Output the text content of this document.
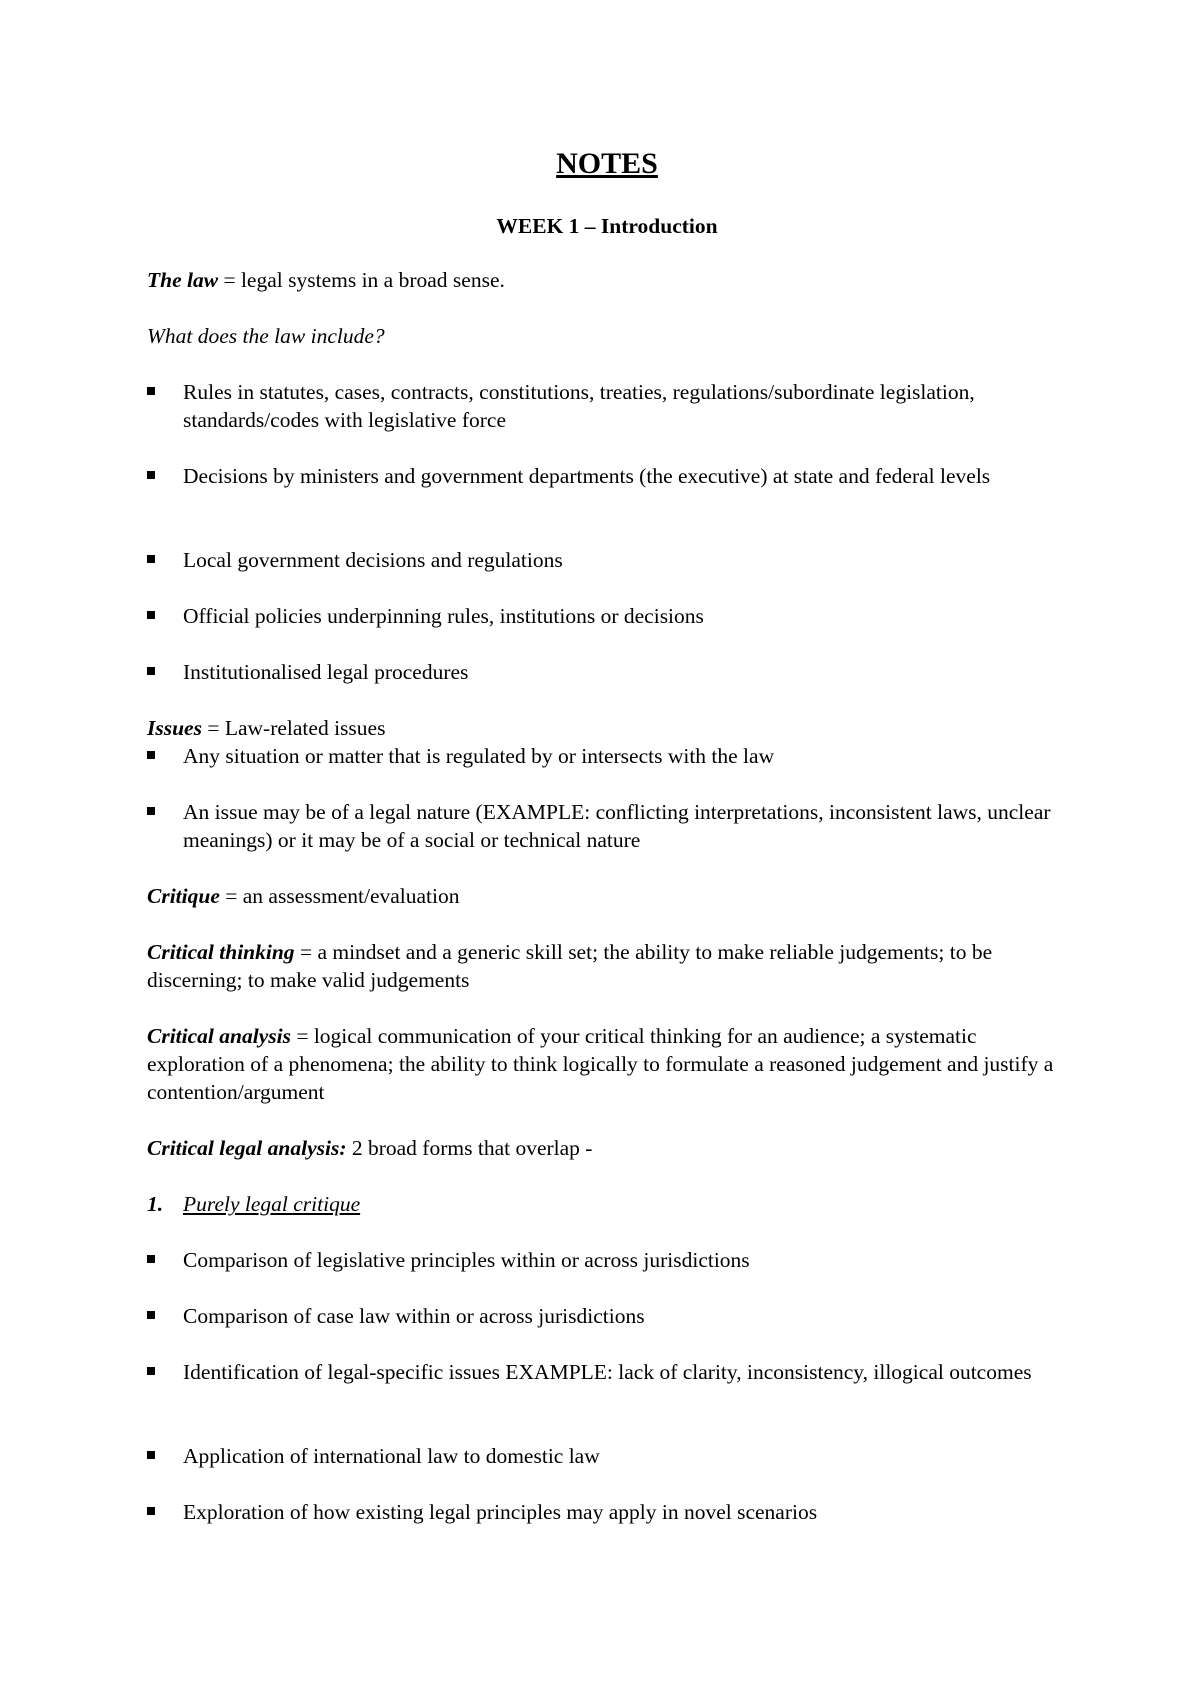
NOTES
WEEK 1 – Introduction
The law = legal systems in a broad sense.
What does the law include?
Rules in statutes, cases, contracts, constitutions, treaties, regulations/subordinate legislation, standards/codes with legislative force
Decisions by ministers and government departments (the executive) at state and federal levels
Local government decisions and regulations
Official policies underpinning rules, institutions or decisions
Institutionalised legal procedures
Issues = Law-related issues
Any situation or matter that is regulated by or intersects with the law
An issue may be of a legal nature (EXAMPLE: conflicting interpretations, inconsistent laws, unclear meanings) or it may be of a social or technical nature
Critique = an assessment/evaluation
Critical thinking = a mindset and a generic skill set; the ability to make reliable judgements; to be discerning; to make valid judgements
Critical analysis = logical communication of your critical thinking for an audience; a systematic exploration of a phenomena; the ability to think logically to formulate a reasoned judgement and justify a contention/argument
Critical legal analysis: 2 broad forms that overlap -
1. Purely legal critique
Comparison of legislative principles within or across jurisdictions
Comparison of case law within or across jurisdictions
Identification of legal-specific issues EXAMPLE: lack of clarity, inconsistency, illogical outcomes
Application of international law to domestic law
Exploration of how existing legal principles may apply in novel scenarios
